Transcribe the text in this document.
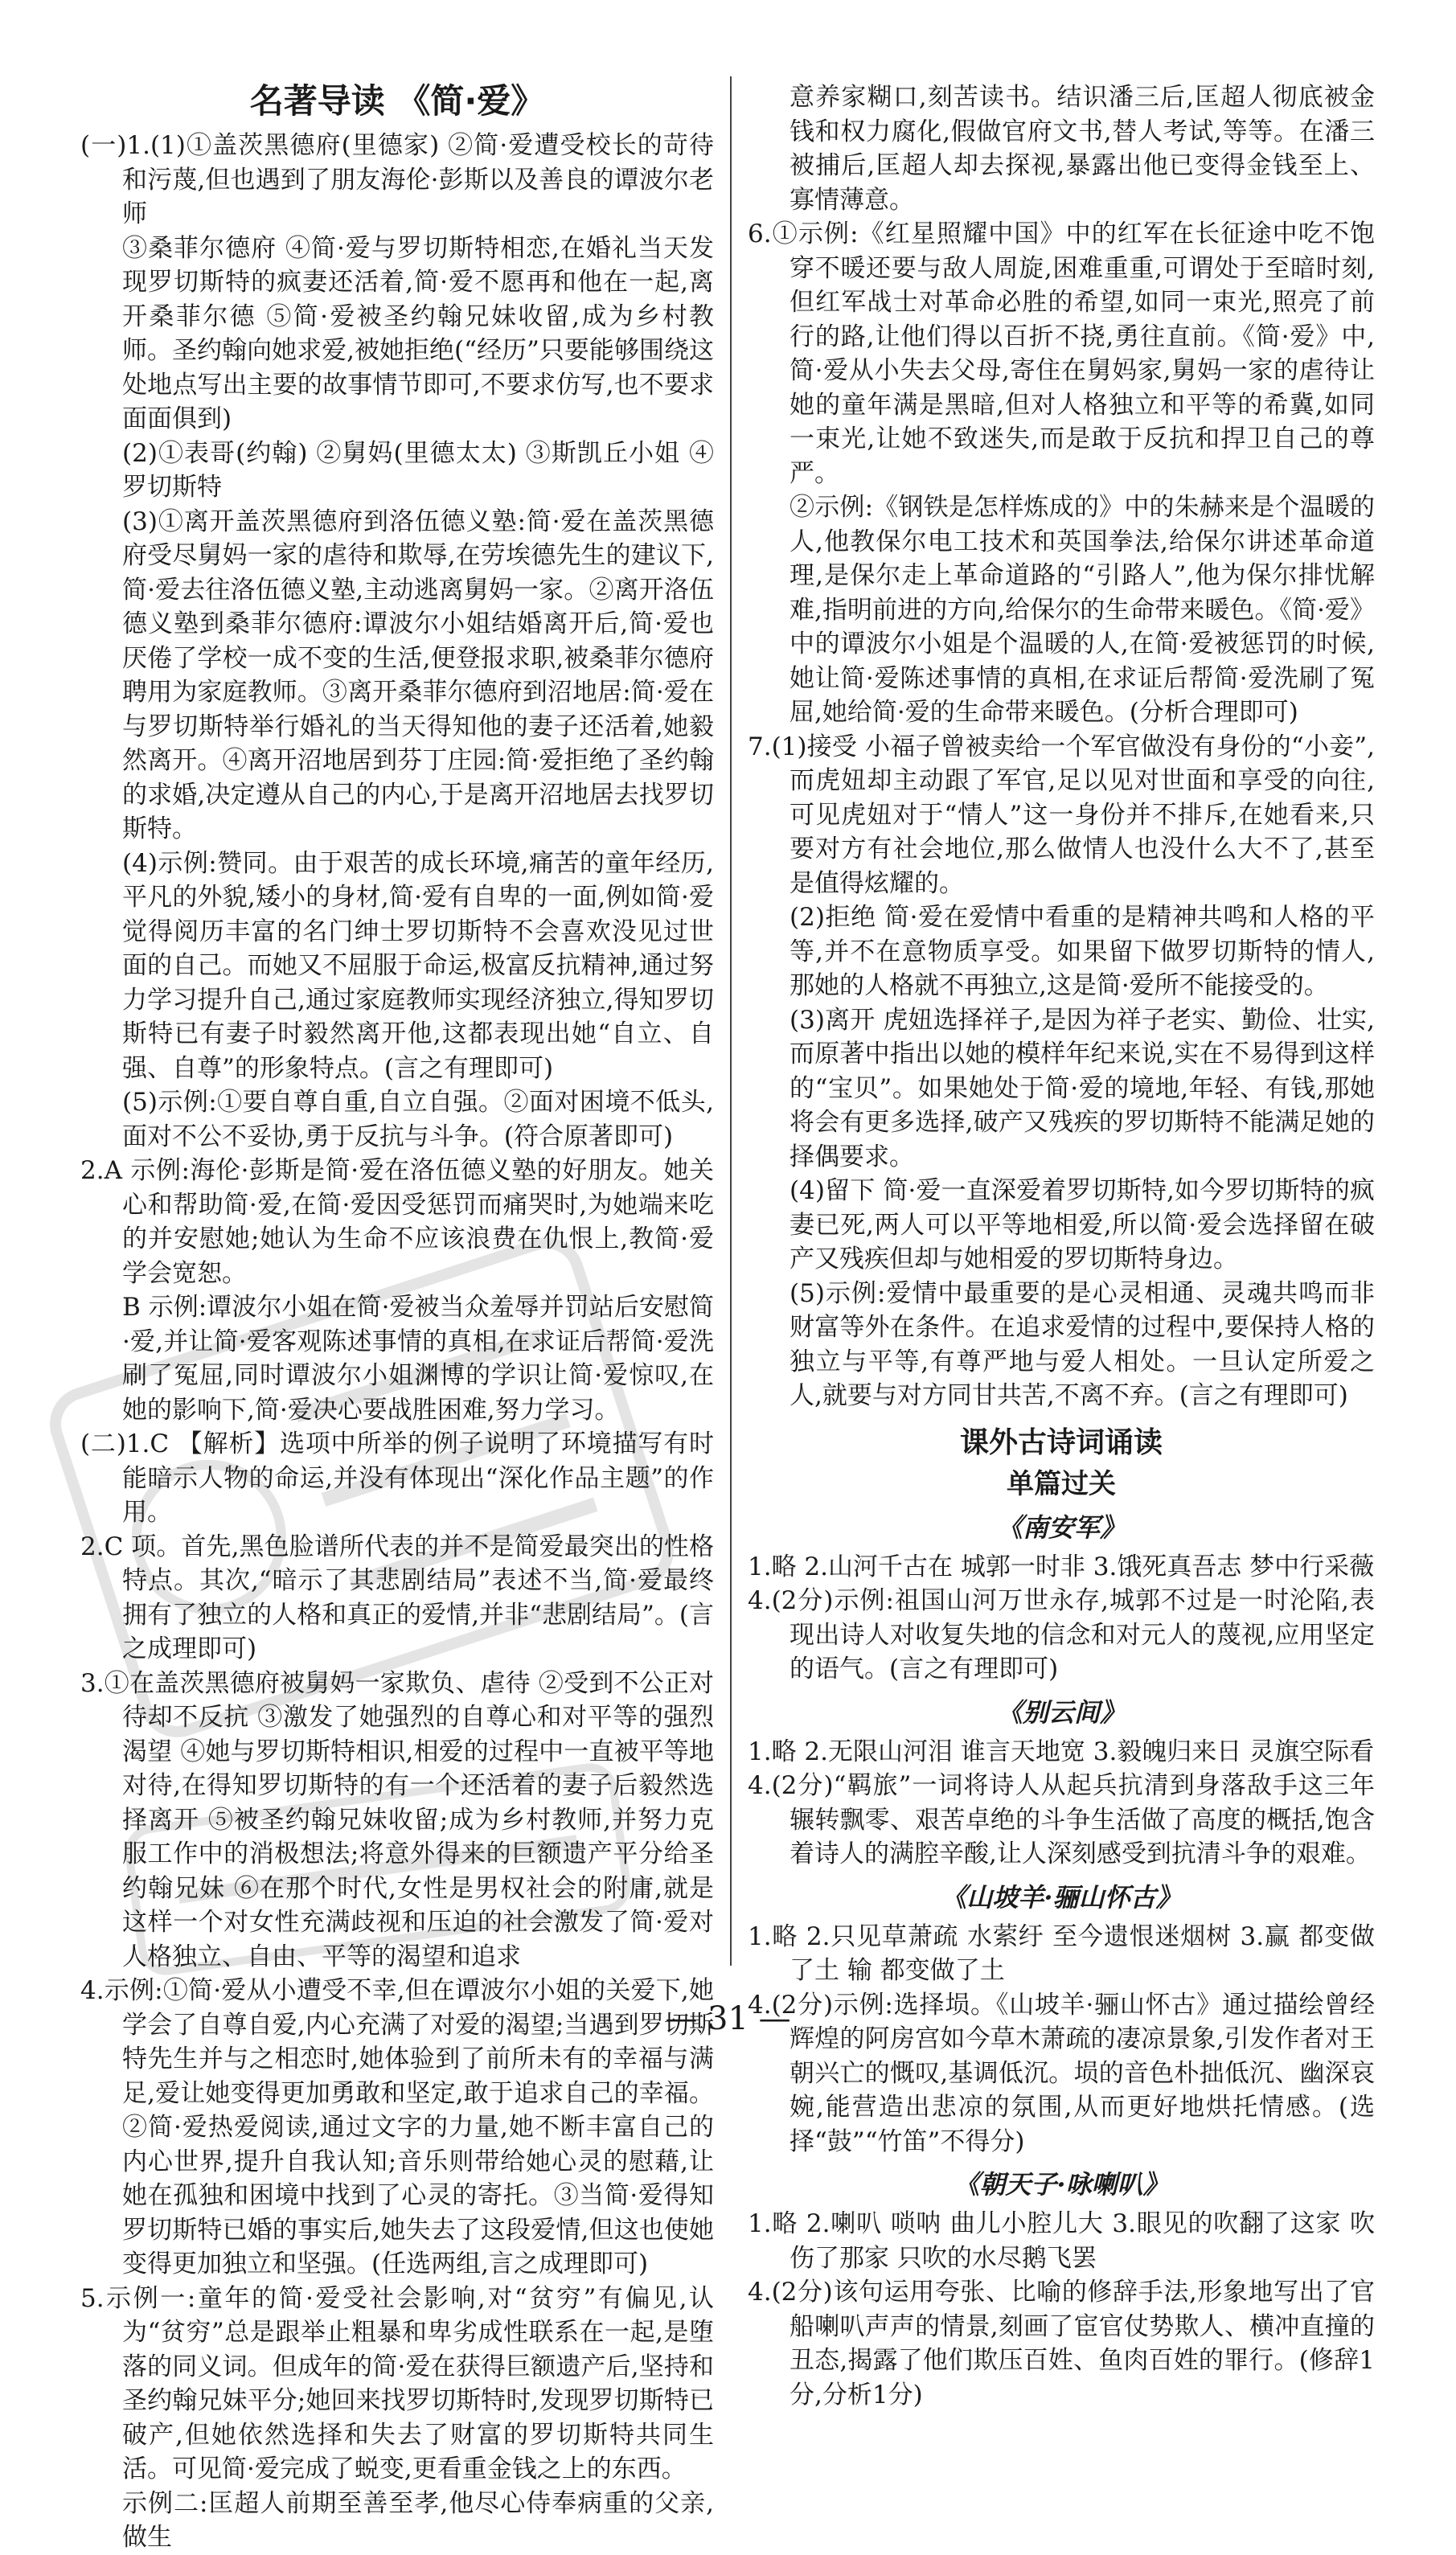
名著导读 《简·爱》

(一)1.(1)①盖茨黑德府(里德家) ②简·爱遭受校长的苛待和污蔑,但也遇到了朋友海伦·彭斯以及善良的谭波尔老师

③桑菲尔德府 ④简·爱与罗切斯特相恋,在婚礼当天发现罗切斯特的疯妻还活着,简·爱不愿再和他在一起,离开桑菲尔德 ⑤简·爱被圣约翰兄妹收留,成为乡村教师。圣约翰向她求爱,被她拒绝(“经历”只要能够围绕这处地点写出主要的故事情节即可,不要求仿写,也不要求面面俱到)

(2)①表哥(约翰) ②舅妈(里德太太) ③斯凯丘小姐 ④罗切斯特

(3)①离开盖茨黑德府到洛伍德义塾:简·爱在盖茨黑德府受尽舅妈一家的虐待和欺辱,在劳埃德先生的建议下,简·爱去往洛伍德义塾,主动逃离舅妈一家。②离开洛伍德义塾到桑菲尔德府:谭波尔小姐结婚离开后,简·爱也厌倦了学校一成不变的生活,便登报求职,被桑菲尔德府聘用为家庭教师。③离开桑菲尔德府到沼地居:简·爱在与罗切斯特举行婚礼的当天得知他的妻子还活着,她毅然离开。④离开沼地居到芬丁庄园:简·爱拒绝了圣约翰的求婚,决定遵从自己的内心,于是离开沼地居去找罗切斯特。

(4)示例:赞同。由于艰苦的成长环境,痛苦的童年经历,平凡的外貌,矮小的身材,简·爱有自卑的一面,例如简·爱觉得阅历丰富的名门绅士罗切斯特不会喜欢没见过世面的自己。而她又不屈服于命运,极富反抗精神,通过努力学习提升自己,通过家庭教师实现经济独立,得知罗切斯特已有妻子时毅然离开他,这都表现出她“自立、自强、自尊”的形象特点。(言之有理即可)

(5)示例:①要自尊自重,自立自强。②面对困境不低头,面对不公不妥协,勇于反抗与斗争。(符合原著即可)

2.A 示例:海伦·彭斯是简·爱在洛伍德义塾的好朋友。她关心和帮助简·爱,在简·爱因受惩罚而痛哭时,为她端来吃的并安慰她;她认为生命不应该浪费在仇恨上,教简·爱学会宽恕。

B 示例:谭波尔小姐在简·爱被当众羞辱并罚站后安慰简·爱,并让简·爱客观陈述事情的真相,在求证后帮简·爱洗刷了冤屈,同时谭波尔小姐渊博的学识让简·爱惊叹,在她的影响下,简·爱决心要战胜困难,努力学习。

(二)1.C 【解析】选项中所举的例子说明了环境描写有时能暗示人物的命运,并没有体现出“深化作品主题”的作用。

2.C 项。首先,黑色脸谱所代表的并不是简爱最突出的性格特点。其次,“暗示了其悲剧结局”表述不当,简·爱最终拥有了独立的人格和真正的爱情,并非“悲剧结局”。(言之成理即可)

3.①在盖茨黑德府被舅妈一家欺负、虐待 ②受到不公正对待却不反抗 ③激发了她强烈的自尊心和对平等的强烈渴望 ④她与罗切斯特相识,相爱的过程中一直被平等地对待,在得知罗切斯特的有一个还活着的妻子后毅然选择离开 ⑤被圣约翰兄妹收留;成为乡村教师,并努力克服工作中的消极想法;将意外得来的巨额遗产平分给圣约翰兄妹 ⑥在那个时代,女性是男权社会的附庸,就是这样一个对女性充满歧视和压迫的社会激发了简·爱对人格独立、自由、平等的渴望和追求

4.示例:①简·爱从小遭受不幸,但在谭波尔小姐的关爱下,她学会了自尊自爱,内心充满了对爱的渴望;当遇到罗切斯特先生并与之相恋时,她体验到了前所未有的幸福与满足,爱让她变得更加勇敢和坚定,敢于追求自己的幸福。②简·爱热爱阅读,通过文字的力量,她不断丰富自己的内心世界,提升自我认知;音乐则带给她心灵的慰藉,让她在孤独和困境中找到了心灵的寄托。③当简·爱得知罗切斯特已婚的事实后,她失去了这段爱情,但这也使她变得更加独立和坚强。(任选两组,言之成理即可)

5.示例一:童年的简·爱受社会影响,对“贫穷”有偏见,认为“贫穷”总是跟举止粗暴和卑劣成性联系在一起,是堕落的同义词。但成年的简·爱在获得巨额遗产后,坚持和圣约翰兄妹平分;她回来找罗切斯特时,发现罗切斯特已破产,但她依然选择和失去了财富的罗切斯特共同生活。可见简·爱完成了蜕变,更看重金钱之上的东西。

示例二:匡超人前期至善至孝,他尽心侍奉病重的父亲,做生

意养家糊口,刻苦读书。结识潘三后,匡超人彻底被金钱和权力腐化,假做官府文书,替人考试,等等。在潘三被捕后,匡超人却去探视,暴露出他已变得金钱至上、寡情薄意。

6.①示例:《红星照耀中国》中的红军在长征途中吃不饱穿不暖还要与敌人周旋,困难重重,可谓处于至暗时刻,但红军战士对革命必胜的希望,如同一束光,照亮了前行的路,让他们得以百折不挠,勇往直前。《简·爱》中,简·爱从小失去父母,寄住在舅妈家,舅妈一家的虐待让她的童年满是黑暗,但对人格独立和平等的希冀,如同一束光,让她不致迷失,而是敢于反抗和捍卫自己的尊严。

②示例:《钢铁是怎样炼成的》中的朱赫来是个温暖的人,他教保尔电工技术和英国拳法,给保尔讲述革命道理,是保尔走上革命道路的“引路人”,他为保尔排忧解难,指明前进的方向,给保尔的生命带来暖色。《简·爱》中的谭波尔小姐是个温暖的人,在简·爱被惩罚的时候,她让简·爱陈述事情的真相,在求证后帮简·爱洗刷了冤屈,她给简·爱的生命带来暖色。(分析合理即可)

7.(1)接受 小福子曾被卖给一个军官做没有身份的“小妾”,而虎妞却主动跟了军官,足以见对世面和享受的向往,可见虎妞对于“情人”这一身份并不排斥,在她看来,只要对方有社会地位,那么做情人也没什么大不了,甚至是值得炫耀的。

(2)拒绝 简·爱在爱情中看重的是精神共鸣和人格的平等,并不在意物质享受。如果留下做罗切斯特的情人,那她的人格就不再独立,这是简·爱所不能接受的。

(3)离开 虎妞选择祥子,是因为祥子老实、勤俭、壮实,而原著中指出以她的模样年纪来说,实在不易得到这样的“宝贝”。如果她处于简·爱的境地,年轻、有钱,那她将会有更多选择,破产又残疾的罗切斯特不能满足她的择偶要求。

(4)留下 简·爱一直深爱着罗切斯特,如今罗切斯特的疯妻已死,两人可以平等地相爱,所以简·爱会选择留在破产又残疾但却与她相爱的罗切斯特身边。

(5)示例:爱情中最重要的是心灵相通、灵魂共鸣而非财富等外在条件。在追求爱情的过程中,要保持人格的独立与平等,有尊严地与爱人相处。一旦认定所爱之人,就要与对方同甘共苦,不离不弃。(言之有理即可)

课外古诗词诵读
单篇过关
《南安军》

1.略 2.山河千古在 城郭一时非 3.饿死真吾志 梦中行采薇

4.(2分)示例:祖国山河万世永存,城郭不过是一时沦陷,表现出诗人对收复失地的信念和对元人的蔑视,应用坚定的语气。(言之有理即可)

《别云间》

1.略 2.无限山河泪 谁言天地宽 3.毅魄归来日 灵旗空际看

4.(2分)“羁旅”一词将诗人从起兵抗清到身落敌手这三年辗转飘零、艰苦卓绝的斗争生活做了高度的概括,饱含着诗人的满腔辛酸,让人深刻感受到抗清斗争的艰难。

《山坡羊·骊山怀古》

1.略 2.只见草萧疏 水萦纡 至今遗恨迷烟树 3.赢 都变做了土 输 都变做了土

4.(2分)示例:选择埙。《山坡羊·骊山怀古》通过描绘曾经辉煌的阿房宫如今草木萧疏的凄凉景象,引发作者对王朝兴亡的慨叹,基调低沉。埙的音色朴拙低沉、幽深哀婉,能营造出悲凉的氛围,从而更好地烘托情感。(选择“鼓”“竹笛”不得分)

《朝天子·咏喇叭》

1.略 2.喇叭 唢呐 曲儿小腔儿大 3.眼见的吹翻了这家 吹伤了那家 只吹的水尽鹅飞罢

4.(2分)该句运用夸张、比喻的修辞手法,形象地写出了官船喇叭声声的情景,刻画了宦官仗势欺人、横冲直撞的丑态,揭露了他们欺压百姓、鱼肉百姓的罪行。(修辞1分,分析1分)

— 31 —
